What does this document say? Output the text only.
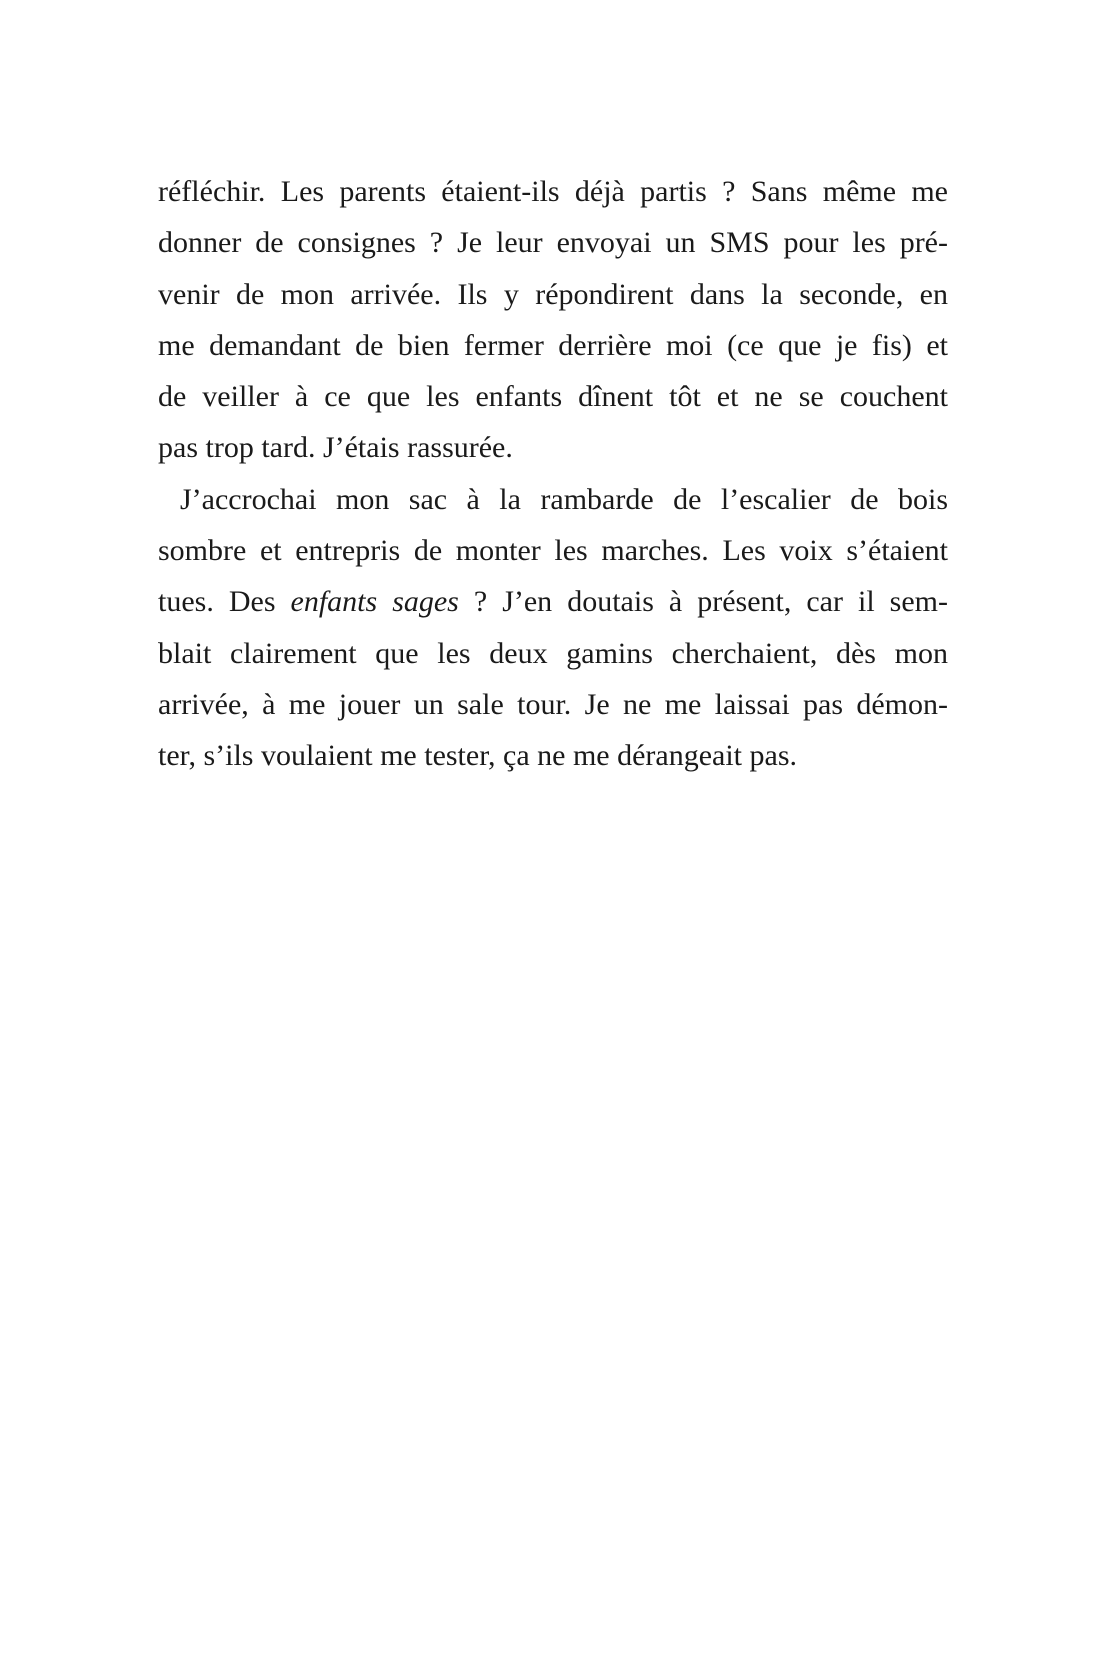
réfléchir. Les parents étaient-ils déjà partis ? Sans même me
donner de consignes ? Je leur envoyai un SMS pour les pré-
venir de mon arrivée. Ils y répondirent dans la seconde, en
me demandant de bien fermer derrière moi (ce que je fis) et
de veiller à ce que les enfants dînent tôt et ne se couchent
pas trop tard. J’étais rassurée.
J’accrochai mon sac à la rambarde de l’escalier de bois
sombre et entrepris de monter les marches. Les voix s’étaient
tues. Des enfants sages ? J’en doutais à présent, car il sem-
blait clairement que les deux gamins cherchaient, dès mon
arrivée, à me jouer un sale tour. Je ne me laissai pas démon-
ter, s’ils voulaient me tester, ça ne me dérangeait pas.
